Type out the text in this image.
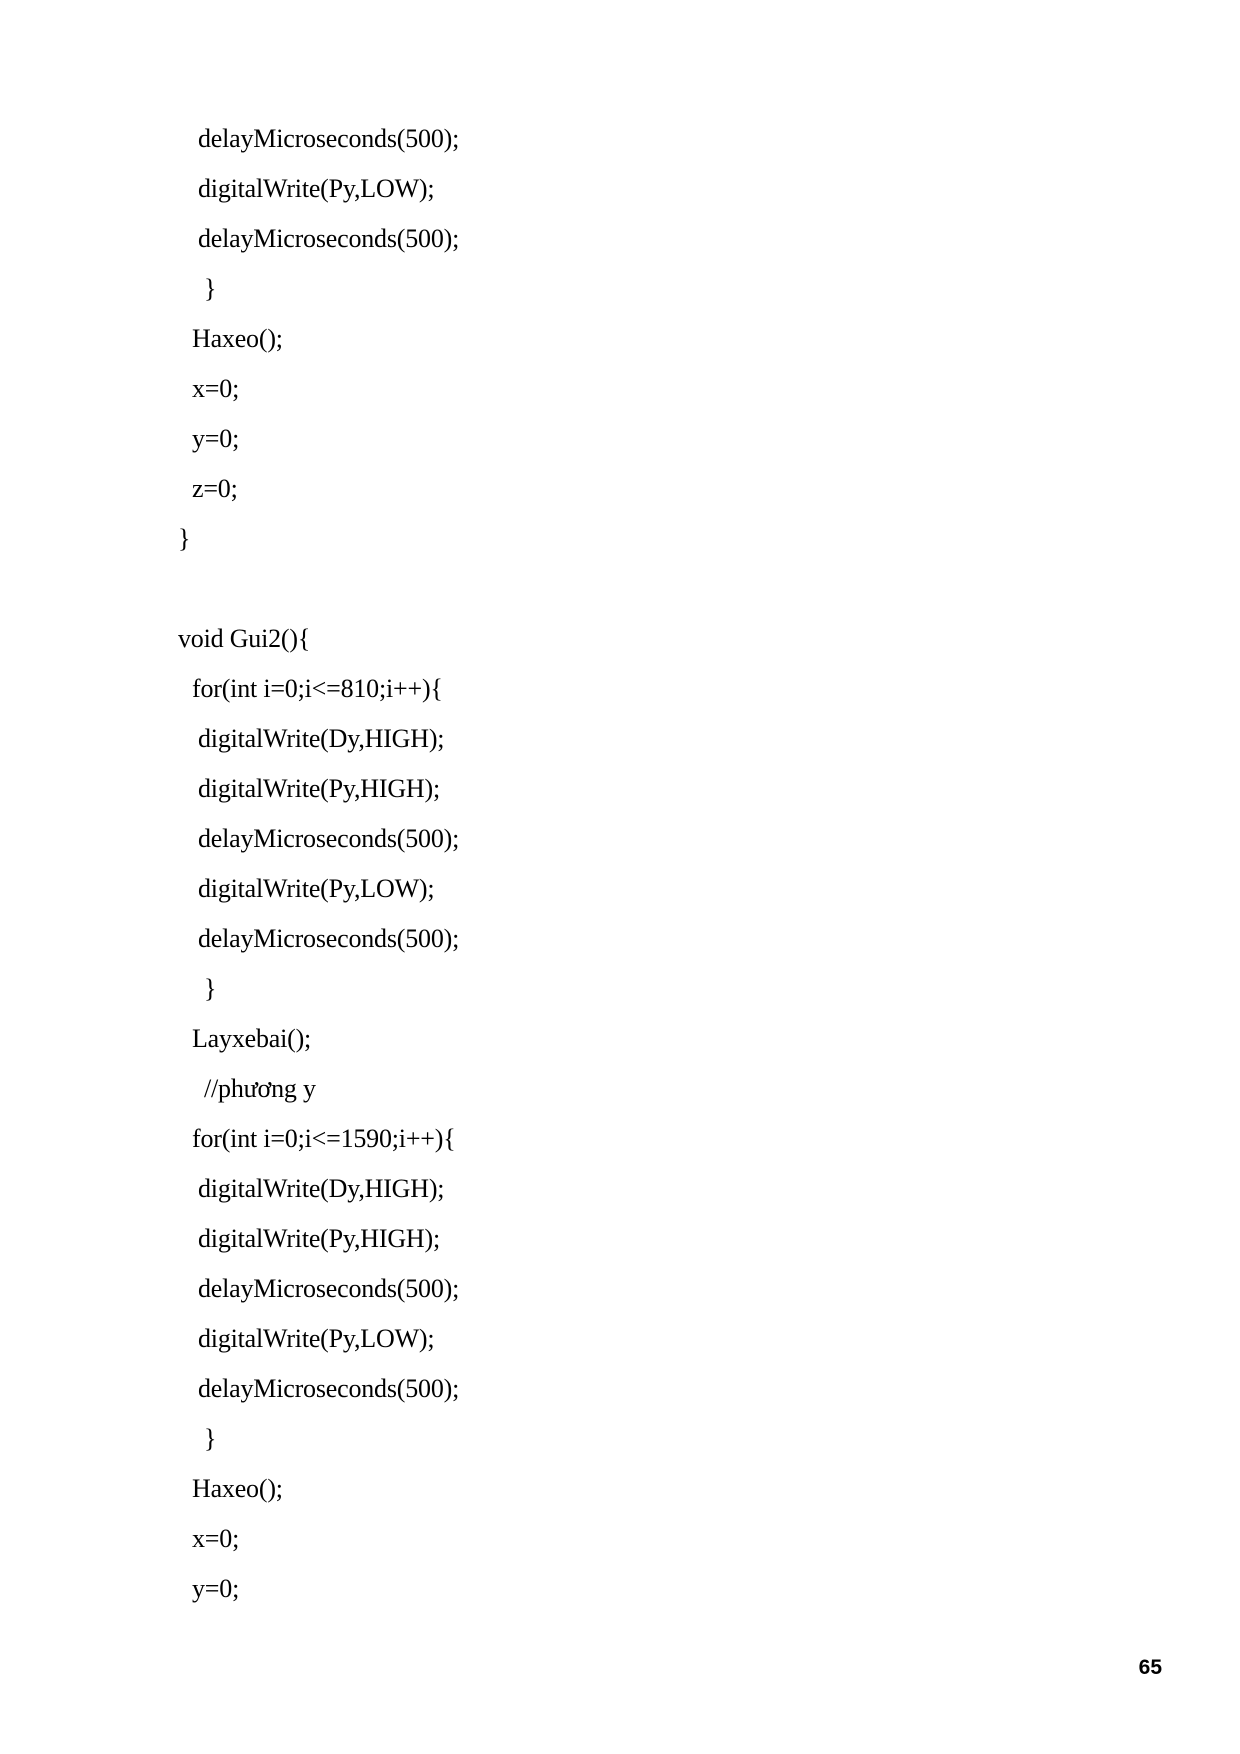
delayMicroseconds(500);
digitalWrite(Py,LOW);
delayMicroseconds(500);
}
Haxeo();
x=0;
y=0;
z=0;
}
void Gui2(){
for(int i=0;i<=810;i++){
digitalWrite(Dy,HIGH);
digitalWrite(Py,HIGH);
delayMicroseconds(500);
digitalWrite(Py,LOW);
delayMicroseconds(500);
}
Layxebai();
//phương y
for(int i=0;i<=1590;i++){
digitalWrite(Dy,HIGH);
digitalWrite(Py,HIGH);
delayMicroseconds(500);
digitalWrite(Py,LOW);
delayMicroseconds(500);
}
Haxeo();
x=0;
y=0;
65
